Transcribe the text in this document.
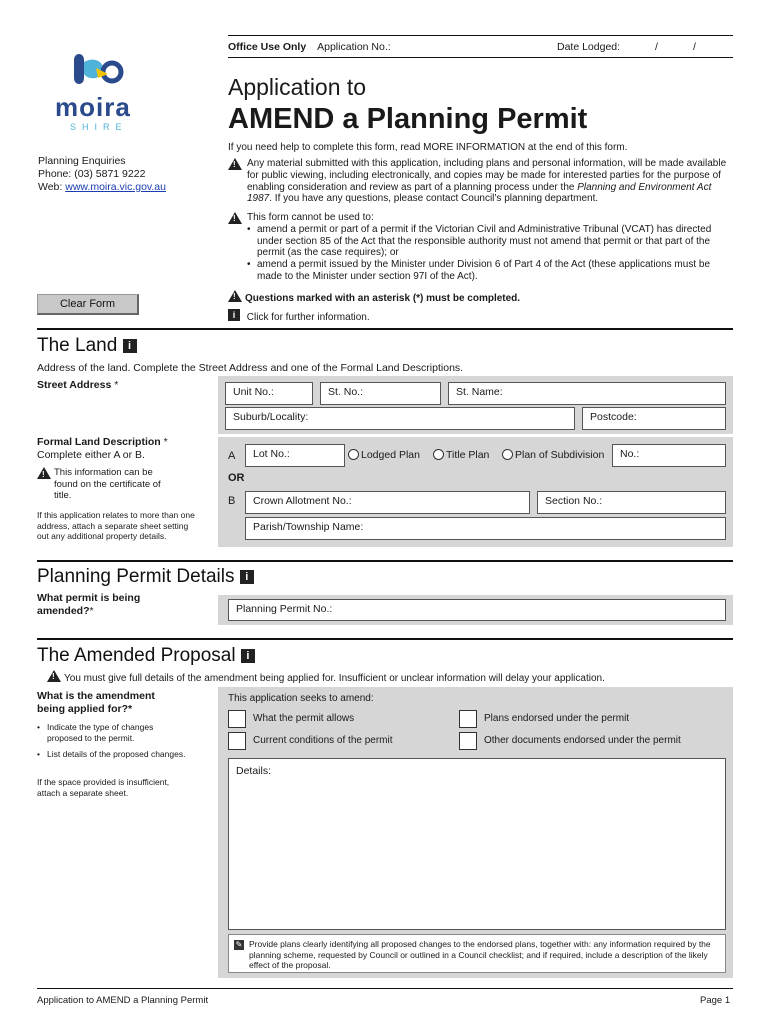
Office Use Only Application No.:	Date Lodged:	/	/
moira
SHIRE
Planning Enquiries
Phone: (03) 5871 9222
Web: www.moira.vic.gov.au
Application to
AMEND a Planning Permit
If you need help to complete this form, read MORE INFORMATION at the end of this form.
!
Any material submitted with this application, including plans and personal information, will be made available for public viewing, including electronically, and copies may be made for interested parties for the purpose of enabling consideration and review as part of a planning process under the Planning and Environment Act 1987. If you have any questions, please contact Council’s planning department.
!
This form cannot be used to:
• amend a permit or part of a permit if the Victorian Civil and Administrative Tribunal (VCAT) has directed under section 85 of the Act that the responsible authority must not amend that permit or that part of the permit (as the case requires); or
• amend a permit issued by the Minister under Division 6 of Part 4 of the Act (these applications must be made to the Minister under section 97I of the Act).
!Questions marked with an asterisk (*) must be completed.
i Click for further information.
Clear Form
The Land i
Address of the land. Complete the Street Address and one of the Formal Land Descriptions.
Street Address *
Unit No.:	St. No.:	St. Name:
Suburb/Locality:	Postcode:
Formal Land Description *
Complete either A or B.
!
This information can be found on the certificate of title.
If this application relates to more than one address, attach a separate sheet setting out any additional property details.
A	Lot No.:	Lodged Plan	Title Plan	Plan of Subdivision	No.:
OR
B	Crown Allotment No.:	Section No.:
Parish/Township Name:
Planning Permit Details i
What permit is being amended?*	Planning Permit No.:
The Amended Proposal i
!You must give full details of the amendment being applied for. Insufficient or unclear information will delay your application.
What is the amendment being applied for?*
• Indicate the type of changes proposed to the permit.
• List details of the proposed changes.
If the space provided is insufficient, attach a separate sheet.
This application seeks to amend:
What the permit allows	Plans endorsed under the permit
Current conditions of the permit	Other documents endorsed under the permit
Details:
✎ Provide plans clearly identifying all proposed changes to the endorsed plans, together with: any information required by the planning scheme, requested by Council or outlined in a Council checklist; and if required, include a description of the likely effect of the proposal.
Application to AMEND a Planning Permit	Page 1
